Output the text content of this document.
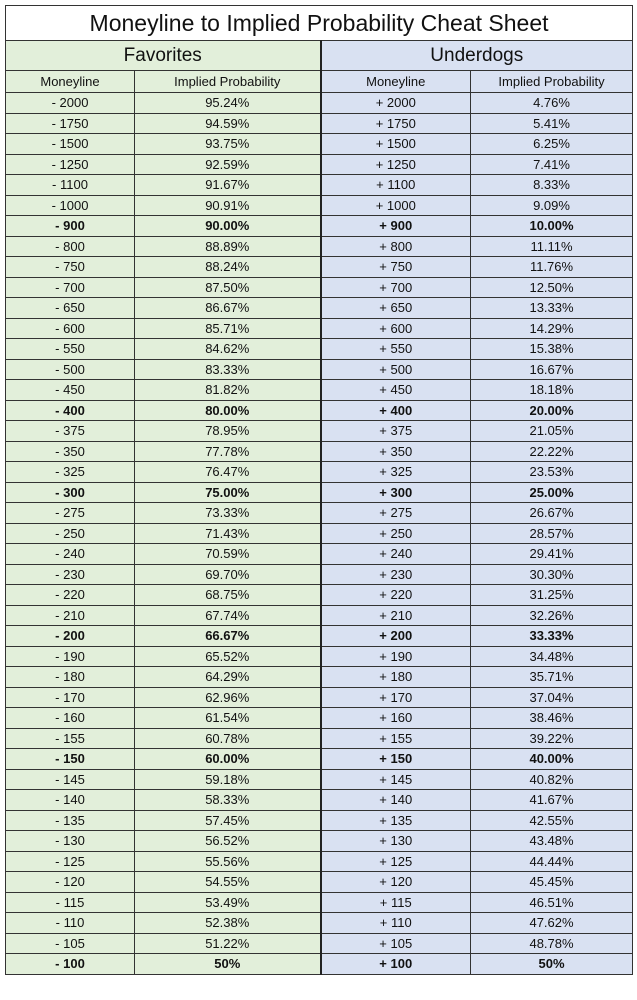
Moneyline to Implied Probability Cheat Sheet			
Favorites		Underdogs	
Moneyline	Implied Probability	Moneyline	Implied Probability
- 2000	95.24%	+ 2000	4.76%
- 1750	94.59%	+ 1750	5.41%
- 1500	93.75%	+ 1500	6.25%
- 1250	92.59%	+ 1250	7.41%
- 1100	91.67%	+ 1100	8.33%
- 1000	90.91%	+ 1000	9.09%
- 900	90.00%	+ 900	10.00%
- 800	88.89%	+ 800	11.11%
- 750	88.24%	+ 750	11.76%
- 700	87.50%	+ 700	12.50%
- 650	86.67%	+ 650	13.33%
- 600	85.71%	+ 600	14.29%
- 550	84.62%	+ 550	15.38%
- 500	83.33%	+ 500	16.67%
- 450	81.82%	+ 450	18.18%
- 400	80.00%	+ 400	20.00%
- 375	78.95%	+ 375	21.05%
- 350	77.78%	+ 350	22.22%
- 325	76.47%	+ 325	23.53%
- 300	75.00%	+ 300	25.00%
- 275	73.33%	+ 275	26.67%
- 250	71.43%	+ 250	28.57%
- 240	70.59%	+ 240	29.41%
- 230	69.70%	+ 230	30.30%
- 220	68.75%	+ 220	31.25%
- 210	67.74%	+ 210	32.26%
- 200	66.67%	+ 200	33.33%
- 190	65.52%	+ 190	34.48%
- 180	64.29%	+ 180	35.71%
- 170	62.96%	+ 170	37.04%
- 160	61.54%	+ 160	38.46%
- 155	60.78%	+ 155	39.22%
- 150	60.00%	+ 150	40.00%
- 145	59.18%	+ 145	40.82%
- 140	58.33%	+ 140	41.67%
- 135	57.45%	+ 135	42.55%
- 130	56.52%	+ 130	43.48%
- 125	55.56%	+ 125	44.44%
- 120	54.55%	+ 120	45.45%
- 115	53.49%	+ 115	46.51%
- 110	52.38%	+ 110	47.62%
- 105	51.22%	+ 105	48.78%
- 100	50%	+ 100	50%
